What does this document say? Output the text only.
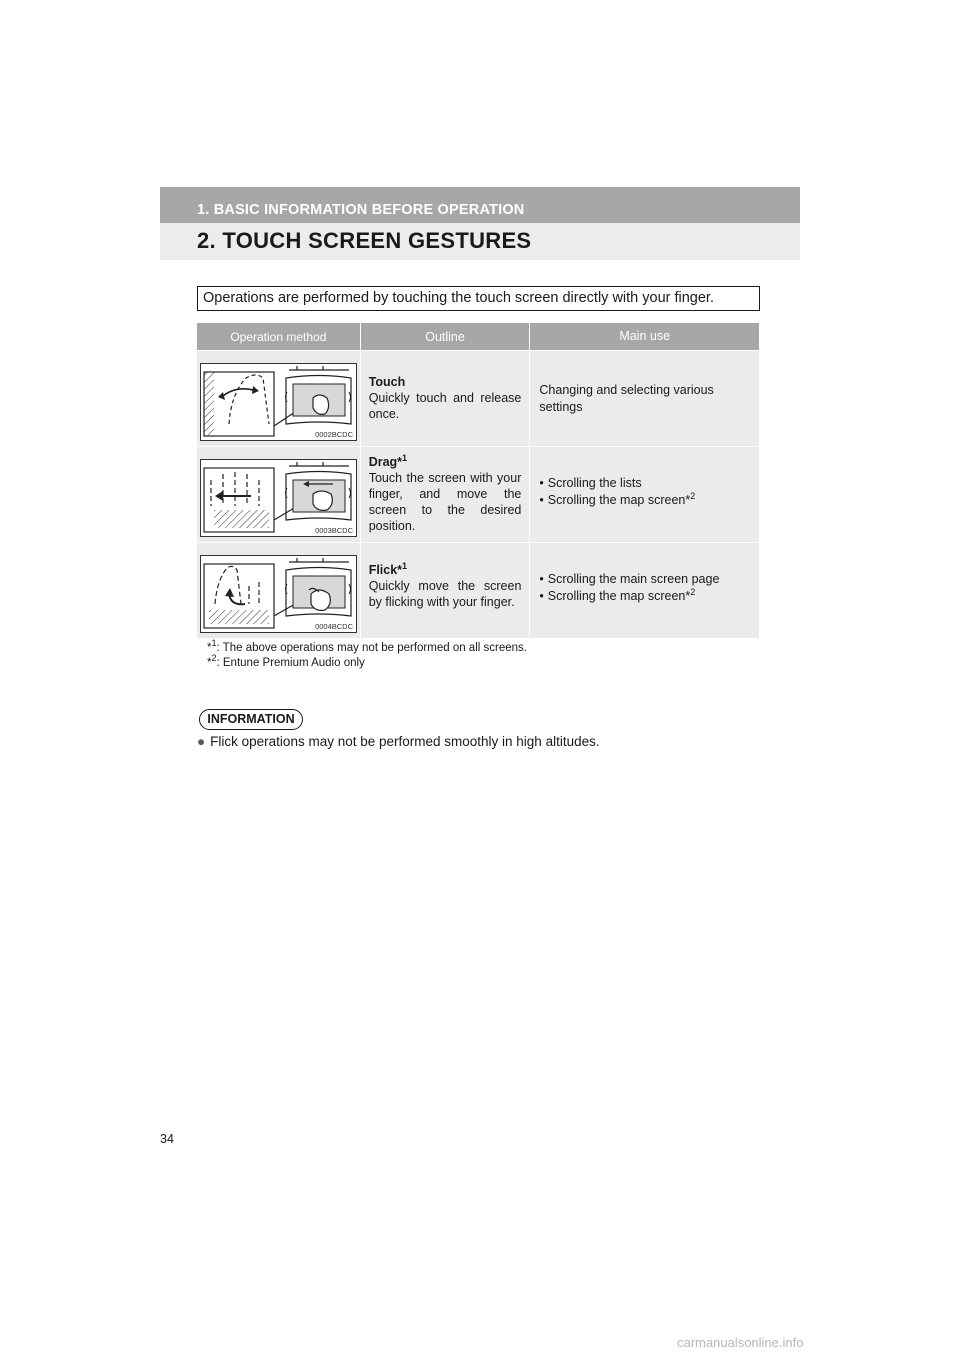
1. BASIC INFORMATION BEFORE OPERATION
2. TOUCH SCREEN GESTURES
Operations are performed by touching the touch screen directly with your finger.
Operation method	Outline	Main use
0002BCDC
Touch
Quickly touch and release once.
Changing and selecting various settings
0003BCDC
Drag*$^1$
Touch the screen with your finger, and move the screen to the desired position.
• Scrolling the lists
• Scrolling the map screen*$^2$
0004BCDC
Flick*$^1$
Quickly move the screen by flicking with your finger.
• Scrolling the main screen page
• Scrolling the map screen*$^2$
*$^1$: The above operations may not be performed on all screens.
*$^2$: Entune Premium Audio only
INFORMATION
● Flick operations may not be performed smoothly in high altitudes.
34
carmanualsonline.info
